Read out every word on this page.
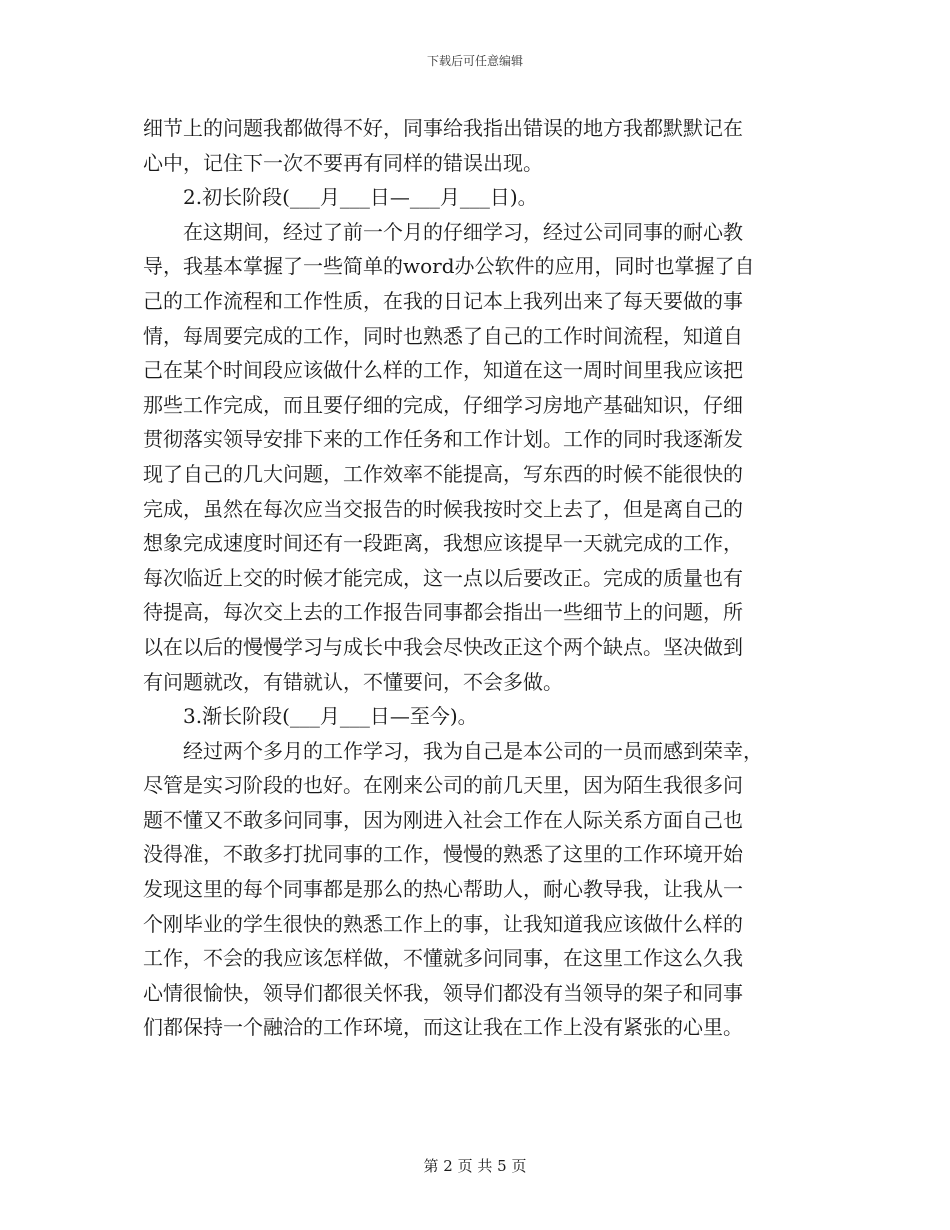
下载后可任意编辑
细节上的问题我都做得不好，同事给我指出错误的地方我都默默记在
心中，记住下一次不要再有同样的错误出现。
2.初长阶段(___月___日—___月___日)。
在这期间，经过了前一个月的仔细学习，经过公司同事的耐心教
导，我基本掌握了一些简单的word办公软件的应用，同时也掌握了自
己的工作流程和工作性质，在我的日记本上我列出来了每天要做的事
情，每周要完成的工作，同时也熟悉了自己的工作时间流程，知道自
己在某个时间段应该做什么样的工作，知道在这一周时间里我应该把
那些工作完成，而且要仔细的完成，仔细学习房地产基础知识，仔细
贯彻落实领导安排下来的工作任务和工作计划。工作的同时我逐渐发
现了自己的几大问题，工作效率不能提高，写东西的时候不能很快的
完成，虽然在每次应当交报告的时候我按时交上去了，但是离自己的
想象完成速度时间还有一段距离，我想应该提早一天就完成的工作，
每次临近上交的时候才能完成，这一点以后要改正。完成的质量也有
待提高，每次交上去的工作报告同事都会指出一些细节上的问题，所
以在以后的慢慢学习与成长中我会尽快改正这个两个缺点。坚决做到
有问题就改，有错就认，不懂要问，不会多做。
3.渐长阶段(___月___日—至今)。
经过两个多月的工作学习，我为自己是本公司的一员而感到荣幸，
尽管是实习阶段的也好。在刚来公司的前几天里，因为陌生我很多问
题不懂又不敢多问同事，因为刚进入社会工作在人际关系方面自己也
没得准，不敢多打扰同事的工作，慢慢的熟悉了这里的工作环境开始
发现这里的每个同事都是那么的热心帮助人，耐心教导我，让我从一
个刚毕业的学生很快的熟悉工作上的事，让我知道我应该做什么样的
工作，不会的我应该怎样做，不懂就多问同事，在这里工作这么久我
心情很愉快，领导们都很关怀我，领导们都没有当领导的架子和同事
们都保持一个融洽的工作环境，而这让我在工作上没有紧张的心里。
第 2 页 共 5 页
